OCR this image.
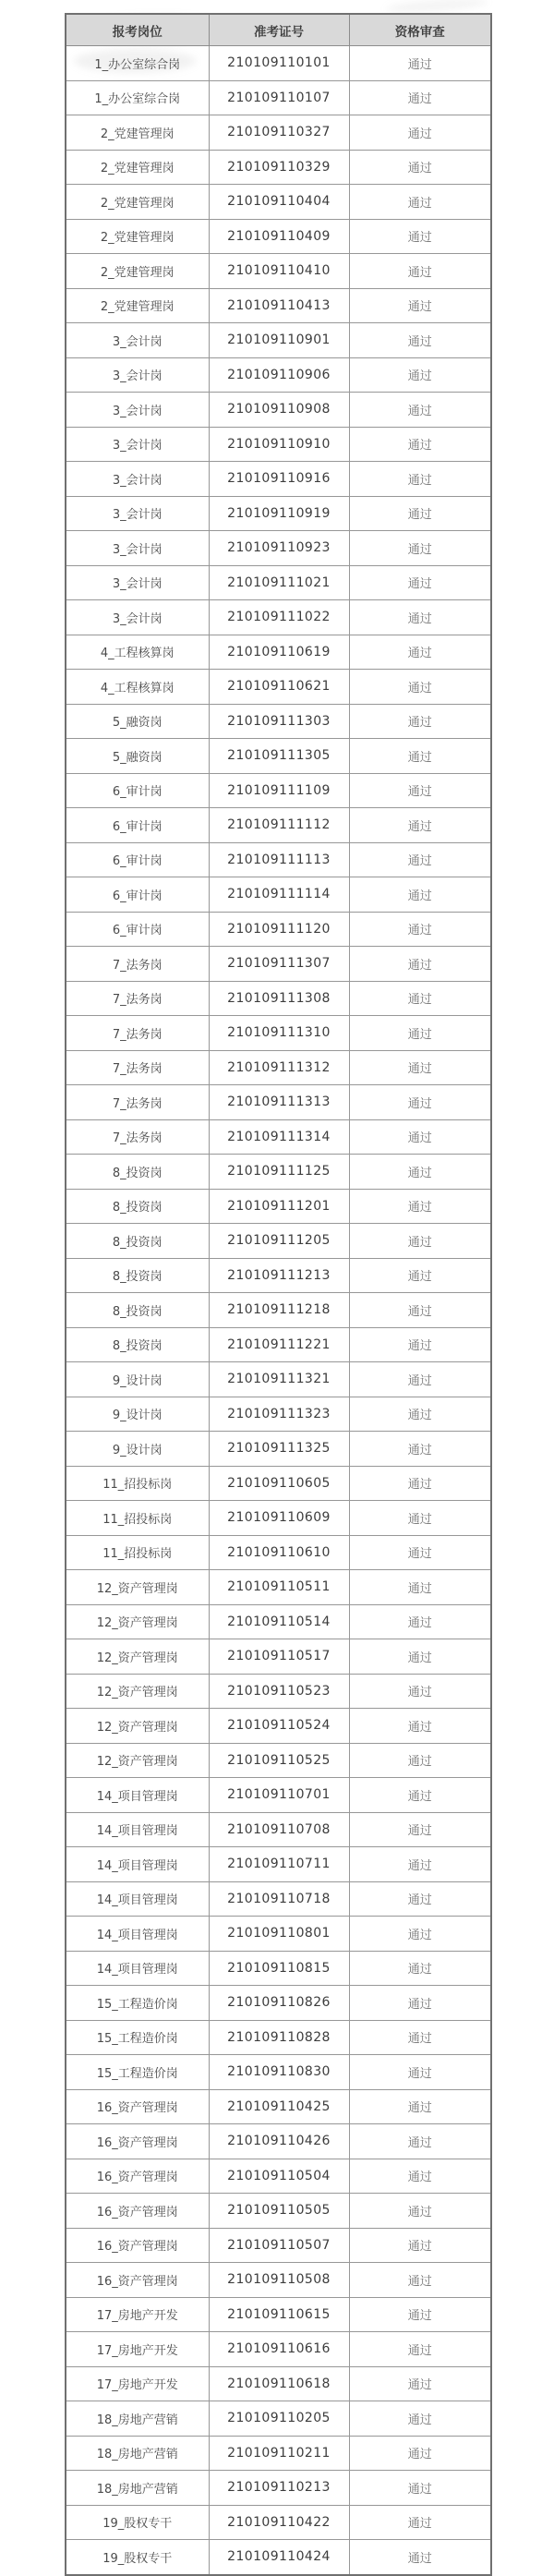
报考岗位	准考证号	资格审查
1_办公室综合岗	210109110101	通过
1_办公室综合岗	210109110107	通过
2_党建管理岗	210109110327	通过
2_党建管理岗	210109110329	通过
2_党建管理岗	210109110404	通过
2_党建管理岗	210109110409	通过
2_党建管理岗	210109110410	通过
2_党建管理岗	210109110413	通过
3_会计岗	210109110901	通过
3_会计岗	210109110906	通过
3_会计岗	210109110908	通过
3_会计岗	210109110910	通过
3_会计岗	210109110916	通过
3_会计岗	210109110919	通过
3_会计岗	210109110923	通过
3_会计岗	210109111021	通过
3_会计岗	210109111022	通过
4_工程核算岗	210109110619	通过
4_工程核算岗	210109110621	通过
5_融资岗	210109111303	通过
5_融资岗	210109111305	通过
6_审计岗	210109111109	通过
6_审计岗	210109111112	通过
6_审计岗	210109111113	通过
6_审计岗	210109111114	通过
6_审计岗	210109111120	通过
7_法务岗	210109111307	通过
7_法务岗	210109111308	通过
7_法务岗	210109111310	通过
7_法务岗	210109111312	通过
7_法务岗	210109111313	通过
7_法务岗	210109111314	通过
8_投资岗	210109111125	通过
8_投资岗	210109111201	通过
8_投资岗	210109111205	通过
8_投资岗	210109111213	通过
8_投资岗	210109111218	通过
8_投资岗	210109111221	通过
9_设计岗	210109111321	通过
9_设计岗	210109111323	通过
9_设计岗	210109111325	通过
11_招投标岗	210109110605	通过
11_招投标岗	210109110609	通过
11_招投标岗	210109110610	通过
12_资产管理岗	210109110511	通过
12_资产管理岗	210109110514	通过
12_资产管理岗	210109110517	通过
12_资产管理岗	210109110523	通过
12_资产管理岗	210109110524	通过
12_资产管理岗	210109110525	通过
14_项目管理岗	210109110701	通过
14_项目管理岗	210109110708	通过
14_项目管理岗	210109110711	通过
14_项目管理岗	210109110718	通过
14_项目管理岗	210109110801	通过
14_项目管理岗	210109110815	通过
15_工程造价岗	210109110826	通过
15_工程造价岗	210109110828	通过
15_工程造价岗	210109110830	通过
16_资产管理岗	210109110425	通过
16_资产管理岗	210109110426	通过
16_资产管理岗	210109110504	通过
16_资产管理岗	210109110505	通过
16_资产管理岗	210109110507	通过
16_资产管理岗	210109110508	通过
17_房地产开发	210109110615	通过
17_房地产开发	210109110616	通过
17_房地产开发	210109110618	通过
18_房地产营销	210109110205	通过
18_房地产营销	210109110211	通过
18_房地产营销	210109110213	通过
19_股权专干	210109110422	通过
19_股权专干	210109110424	通过
